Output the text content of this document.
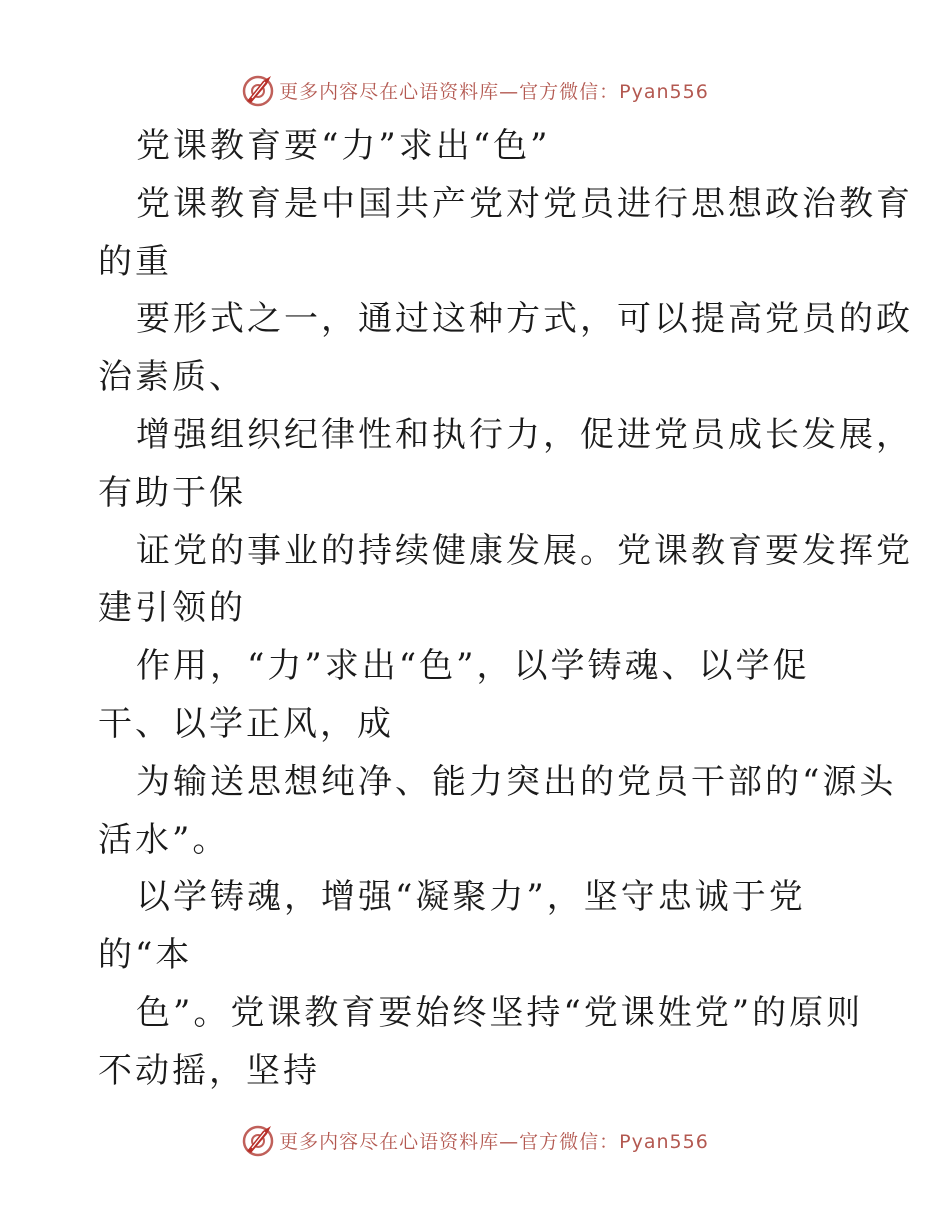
更多内容尽在心语资料库—官方微信：Pyan556
党课教育要“力”求出“色”
党课教育是中国共产党对党员进行思想政治教育
的重
要形式之一，通过这种方式，可以提高党员的政
治素质、
增强组织纪律性和执行力，促进党员成长发展，
有助于保
证党的事业的持续健康发展。党课教育要发挥党
建引领的
作用，“力”求出“色”，以学铸魂、以学促
干、以学正风，成
为输送思想纯净、能力突出的党员干部的“源头
活水”。
以学铸魂，增强“凝聚力”，坚守忠诚于党
的“本
色”。党课教育要始终坚持“党课姓党”的原则
不动摇，坚持
更多内容尽在心语资料库—官方微信：Pyan556
